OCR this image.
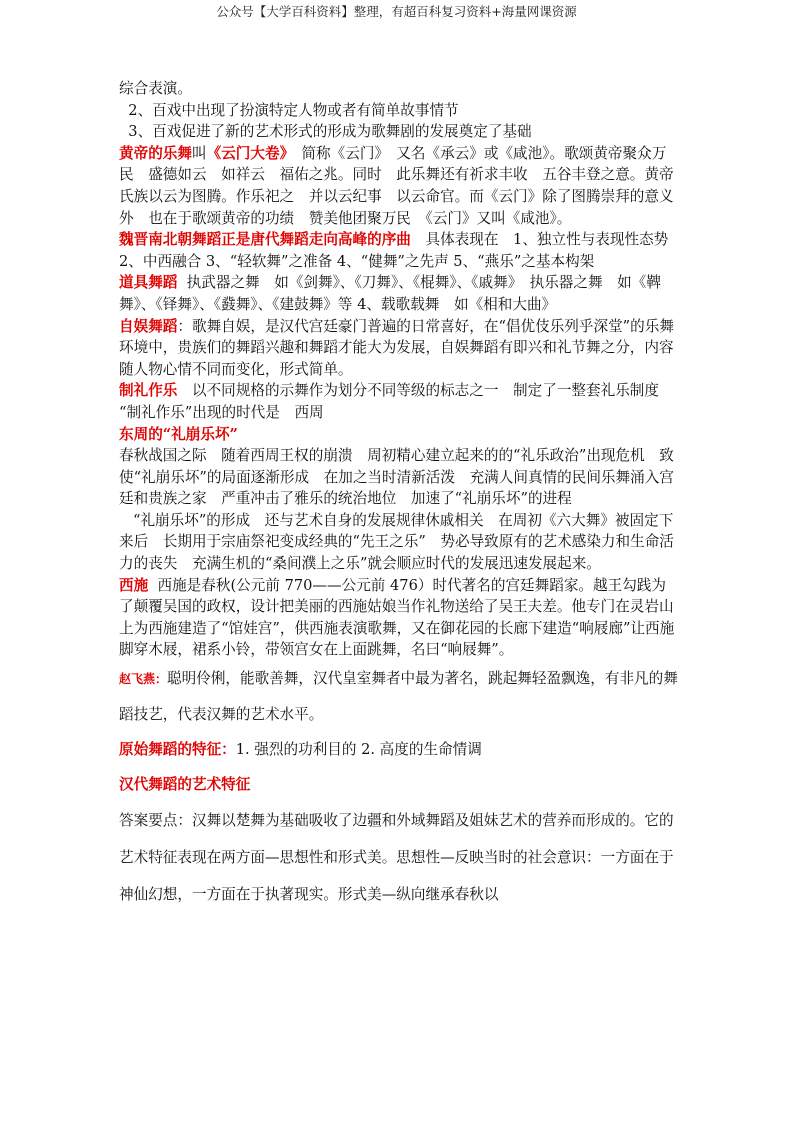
公众号【大学百科资料】整理，有超百科复习资料+海量网课资源

综合表演。

2、百戏中出现了扮演特定人物或者有简单故事情节

3、百戏促进了新的艺术形式的形成为歌舞剧的发展奠定了基础

黄帝的乐舞叫《云门大卷》　简称《云门》　又名《承云》或《咸池》。歌颂黄帝聚众万民　盛德如云　如祥云　福佑之兆。同时　此乐舞还有祈求丰收　五谷丰登之意。黄帝氏族以云为图腾。作乐祀之　并以云纪事　以云命官。而《云门》除了图腾崇拜的意义外　也在于歌颂黄帝的功绩　赞美他团聚万民　《云门》又叫《咸池》。

魏晋南北朝舞蹈正是唐代舞蹈走向高峰的序曲　具体表现在　1、独立性与表现性态势 2、中西融合 3、“轻软舞”之准备 4、“健舞”之先声 5、“燕乐”之基本构架

道具舞蹈  执武器之舞　如《剑舞》、《刀舞》、《棍舞》、《戚舞》　执乐器之舞　如《鞞舞》、《铎舞》、《鼗舞》、《建鼓舞》等 4、载歌载舞　如《相和大曲》

自娱舞蹈：歌舞自娱，是汉代宫廷豪门普遍的日常喜好，在“倡优伎乐列乎深堂”的乐舞环境中，贵族们的舞蹈兴趣和舞蹈才能大为发展，自娱舞蹈有即兴和礼节舞之分，内容随人物心情不同而变化，形式简单。

制礼作乐　以不同规格的示舞作为划分不同等级的标志之一　制定了一整套礼乐制度 “制礼作乐”出现的时代是　西周

东周的“礼崩乐坏”

春秋战国之际　随着西周王权的崩溃　周初精心建立起来的的“礼乐政治”出现危机　致使“礼崩乐坏”的局面逐渐形成　在加之当时清新活泼　充满人间真情的民间乐舞涌入宫廷和贵族之家　严重冲击了雅乐的统治地位　加速了“礼崩乐坏”的进程

“礼崩乐坏”的形成　还与艺术自身的发展规律休戚相关　在周初《六大舞》被固定下来后　长期用于宗庙祭祀变成经典的“先王之乐”　势必导致原有的艺术感染力和生命活力的丧失　充满生机的“桑间濮上之乐”就会顺应时代的发展迅速发展起来。

西施  西施是春秋(公元前 770——公元前 476）时代著名的宫廷舞蹈家。越王勾践为了颠覆吴国的政权，设计把美丽的西施姑娘当作礼物送给了吴王夫差。他专门在灵岩山上为西施建造了“馆娃宫”，供西施表演歌舞，又在御花园的长廊下建造“响屐廊”让西施脚穿木屐，裙系小铃，带领宫女在上面跳舞，名曰“响屐舞”。

赵飞燕：聪明伶俐，能歌善舞，汉代皇室舞者中最为著名，跳起舞轻盈飘逸，有非凡的舞蹈技艺，代表汉舞的艺术水平。

原始舞蹈的特征：1. 强烈的功利目的 2. 高度的生命情调

汉代舞蹈的艺术特征

答案要点：汉舞以楚舞为基础吸收了边疆和外域舞蹈及姐妹艺术的营养而形成的。它的艺术特征表现在两方面—思想性和形式美。思想性—反映当时的社会意识：一方面在于神仙幻想，一方面在于执著现实。形式美—纵向继承春秋以
